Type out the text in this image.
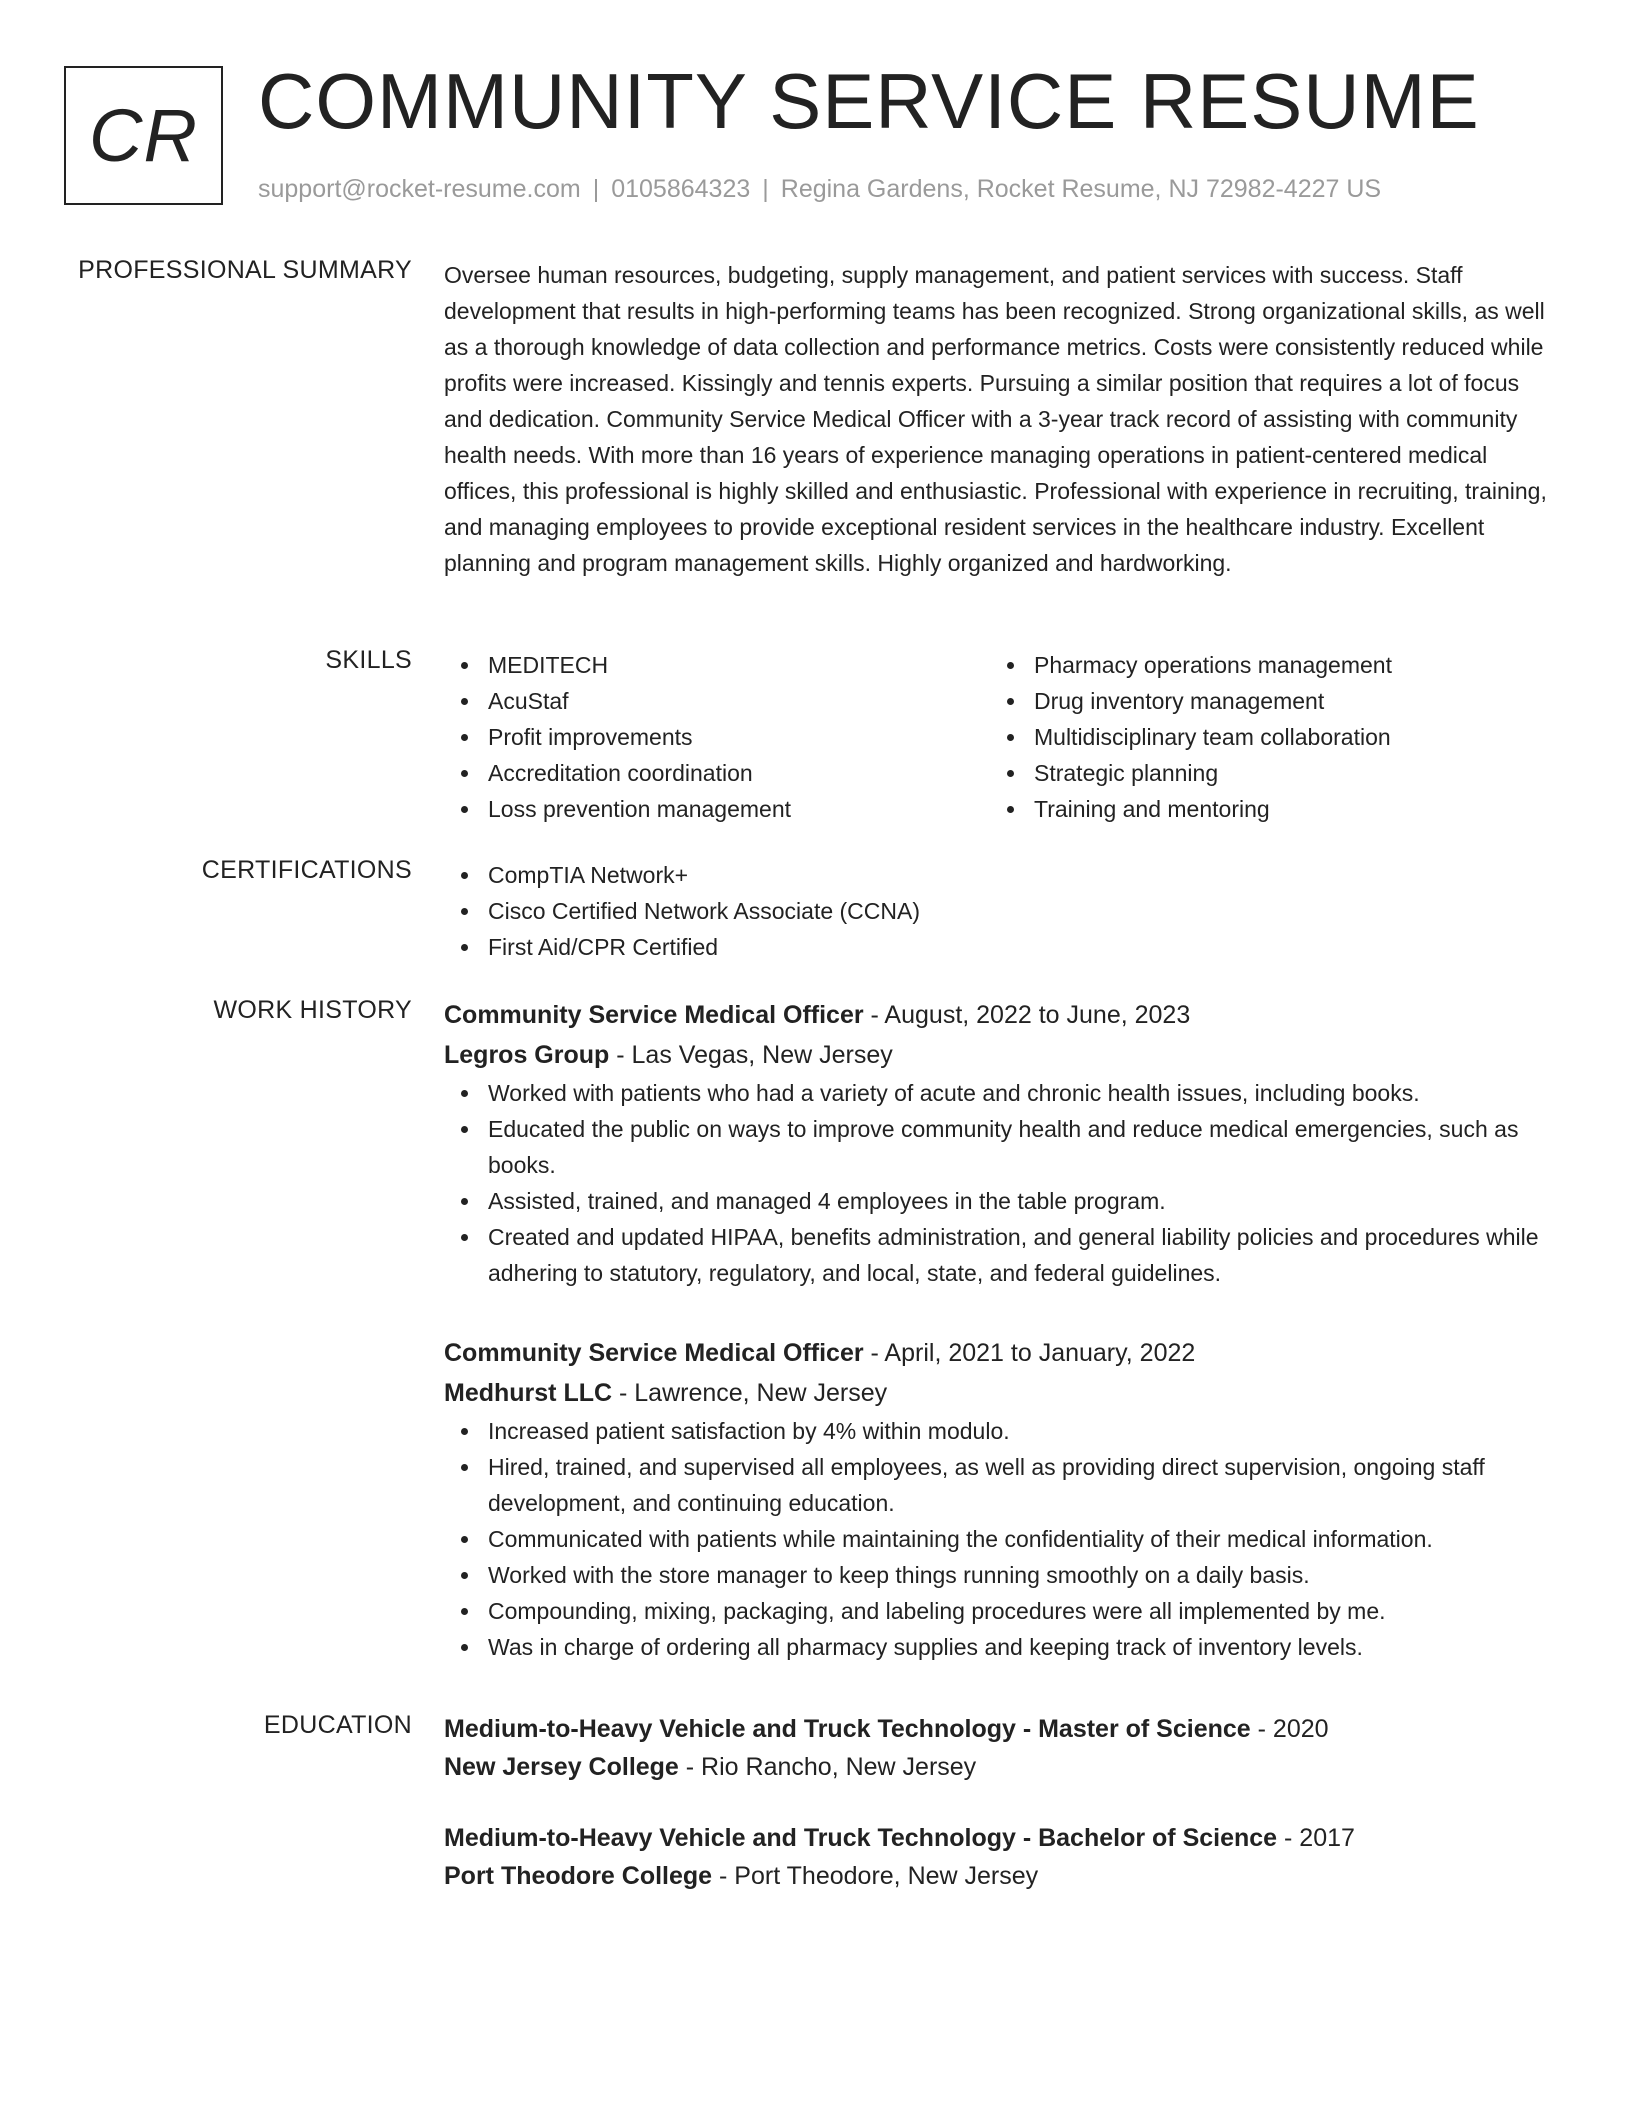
CR COMMUNITY SERVICE RESUME
support@rocket-resume.com | 0105864323 | Regina Gardens, Rocket Resume, NJ 72982-4227 US
PROFESSIONAL SUMMARY Oversee human resources, budgeting, supply management, and patient services with success. Staff development that results in high-performing teams has been recognized. Strong organizational skills, as well as a thorough knowledge of data collection and performance metrics. Costs were consistently reduced while profits were increased. Kissingly and tennis experts. Pursuing a similar position that requires a lot of focus and dedication. Community Service Medical Officer with a 3-year track record of assisting with community health needs. With more than 16 years of experience managing operations in patient-centered medical offices, this professional is highly skilled and enthusiastic. Professional with experience in recruiting, training, and managing employees to provide exceptional resident services in the healthcare industry. Excellent planning and program management skills. Highly organized and hardworking.

SKILLS	MEDITECH
AcuStaf
Profit improvements
Accreditation coordination
Loss prevention management
Pharmacy operations management
Drug inventory management
Multidisciplinary team collaboration
Strategic planning
Training and mentoring
CERTIFICATIONS	CompTIA Network+
Cisco Certified Network Associate (CCNA)
First Aid/CPR Certified
WORK HISTORY Community Service Medical Officer - August, 2022 to June, 2023
Legros Group - Las Vegas, New Jersey
Worked with patients who had a variety of acute and chronic health issues, including books.
Educated the public on ways to improve community health and reduce medical emergencies, such as books.
Assisted, trained, and managed 4 employees in the table program.
Created and updated HIPAA, benefits administration, and general liability policies and procedures while adhering to statutory, regulatory, and local, state, and federal guidelines.
Community Service Medical Officer - April, 2021 to January, 2022
Medhurst LLC - Lawrence, New Jersey
Increased patient satisfaction by 4% within modulo.
Hired, trained, and supervised all employees, as well as providing direct supervision, ongoing staff development, and continuing education.
Communicated with patients while maintaining the confidentiality of their medical information.
Worked with the store manager to keep things running smoothly on a daily basis.
Compounding, mixing, packaging, and labeling procedures were all implemented by me.
Was in charge of ordering all pharmacy supplies and keeping track of inventory levels.
EDUCATION Medium-to-Heavy Vehicle and Truck Technology - Master of Science - 2020
New Jersey College - Rio Rancho, New Jersey
Medium-to-Heavy Vehicle and Truck Technology - Bachelor of Science - 2017
Port Theodore College - Port Theodore, New Jersey
